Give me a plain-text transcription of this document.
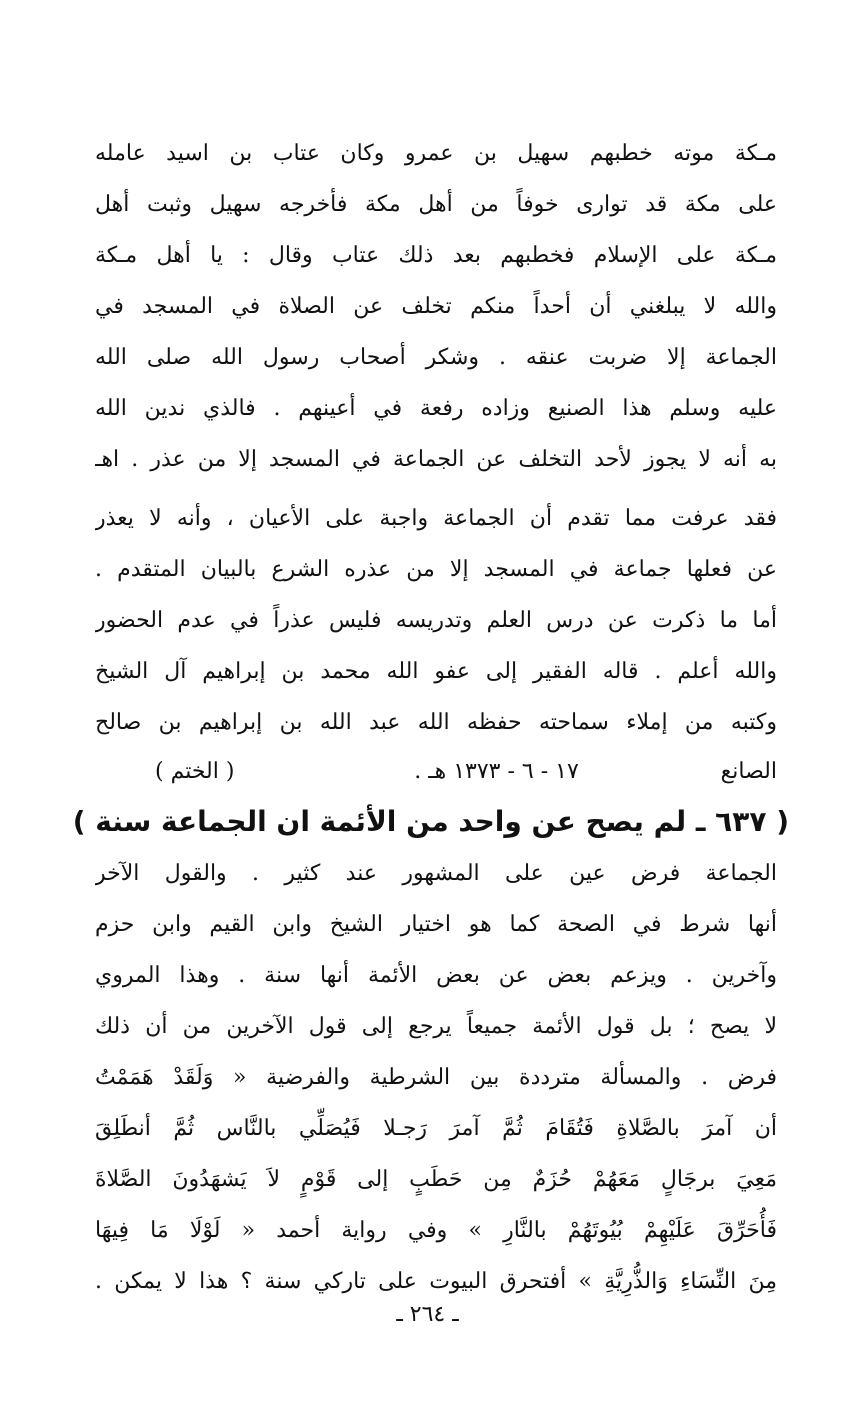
مـكة موته خطبهم سهيل بن عمرو وكان عتاب بن اسيد عامله
على مكة قد توارى خوفاً من أهل مكة فأخرجه سهيل وثبت أهل
مـكة على الإسلام فخطبهم بعد ذلك عتاب وقال : يا أهل مـكة
والله لا يبلغني أن أحداً منكم تخلف عن الصلاة في المسجد في
الجماعة إلا ضربت عنقه . وشكر أصحاب رسول الله صلى الله
عليه وسلم هذا الصنيع وزاده رفعة في أعينهم . فالذي ندين الله
به أنه لا يجوز لأحد التخلف عن الجماعة في المسجد إلا من عذر . اهـ
فقد عرفت مما تقدم أن الجماعة واجبة على الأعيان ، وأنه لا يعذر
عن فعلها جماعة في المسجد إلا من عذره الشرع بالبيان المتقدم .
أما ما ذكرت عن درس العلم وتدريسه فليس عذراً في عدم الحضور
والله أعلم . قاله الفقير إلى عفو الله محمد بن إبراهيم آل الشيخ
وكتبه من إملاء سماحته حفظه الله عبد الله بن إبراهيم بن صالح
الصانع
١٧ - ٦ - ١٣٧٣ هـ .
( الختم )
( ٦٣٧ ـ لم يصح عن واحد من الأئمة ان الجماعة سنة )
الجماعة فرض عين على المشهور عند كثير . والقول الآخر
أنها شرط في الصحة كما هو اختيار الشيخ وابن القيم وابن حزم
وآخرين . ويزعم بعض عن بعض الأئمة أنها سنة . وهذا المروي
لا يصح ؛ بل قول الأئمة جميعاً يرجع إلى قول الآخرين من أن ذلك
فرض . والمسألة مترددة بين الشرطية والفرضية « وَلَقَدْ هَمَمْتُ
أن آمرَ بالصَّلاةِ فَتُقَامَ ثُمَّ آمرَ رَجـلا فَيُصَلِّي بالنَّاس ثُمَّ أنطَلِقَ
مَعِيَ برجَالٍ مَعَهُمْ حُزَمٌ مِن حَطَبٍ إلى قَوْمٍ لاَ يَشهَدُونَ الصَّلاةَ
فَأُحَرِّقَ عَلَيْهِمْ بُيُوتَهُمْ بالنَّارِ » وفي رواية أحمد « لَوْلَا مَا فِيهَا
مِنَ النِّسَاءِ وَالذُّرِيَّةِ » أفتحرق البيوت على تاركي سنة ؟ هذا لا يمكن .
ـ ٢٦٤ ـ
